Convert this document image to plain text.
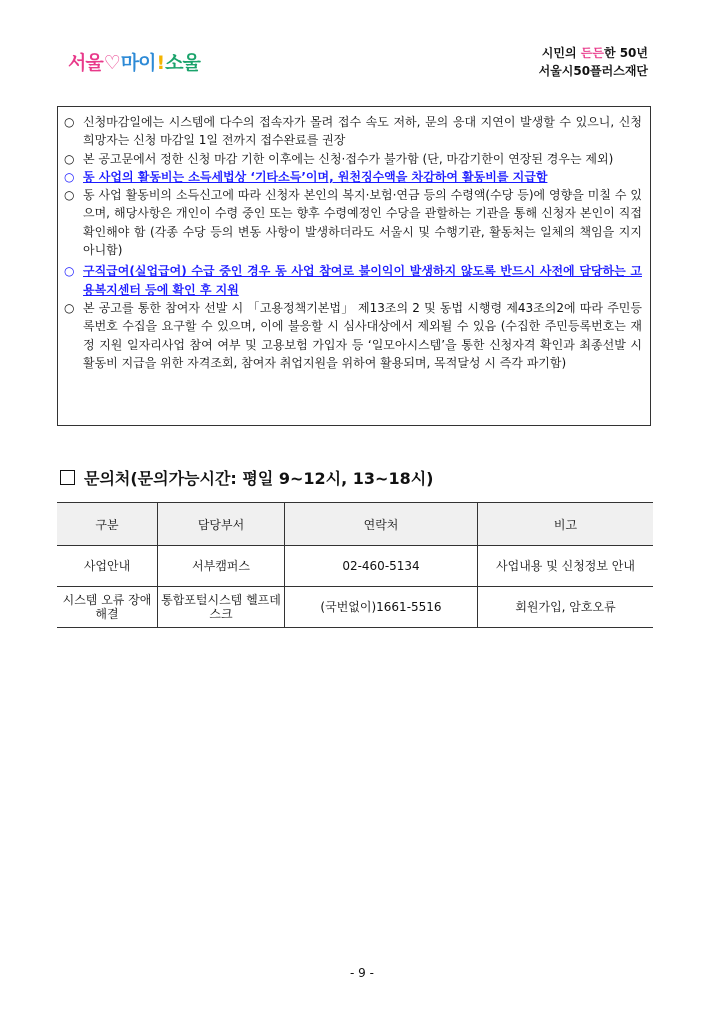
서울♡마이!소울	시민의 든든한 50년
서울시50플러스재단
○ 신청마감일에는 시스템에 다수의 접속자가 몰려 접수 속도 저하, 문의 응대 지연이 발생할 수 있으니, 신청희망자는 신청 마감일 1일 전까지 접수완료를 권장
○ 본 공고문에서 정한 신청 마감 기한 이후에는 신청·접수가 불가함 (단, 마감기한이 연장된 경우는 제외)
○ 동 사업의 활동비는 소득세법상 ‘기타소득’이며, 원천징수액을 차감하여 활동비를 지급함
○ 동 사업 활동비의 소득신고에 따라 신청자 본인의 복지·보험·연금 등의 수령액(수당 등)에 영향을 미칠 수 있으며, 해당사항은 개인이 수령 중인 또는 향후 수령예정인 수당을 관할하는 기관을 통해 신청자 본인이 직접 확인해야 함 (각종 수당 등의 변동 사항이 발생하더라도 서울시 및 수행기관, 활동처는 일체의 책임을 지지 아니함)
○ 구직급여(실업급여) 수급 중인 경우 동 사업 참여로 불이익이 발생하지 않도록 반드시 사전에 담당하는 고용복지센터 등에 확인 후 지원
○ 본 공고를 통한 참여자 선발 시 「고용정책기본법」 제13조의 2 및 동법 시행령 제43조의2에 따라 주민등록번호 수집을 요구할 수 있으며, 이에 불응할 시 심사대상에서 제외될 수 있음 (수집한 주민등록번호는 재정 지원 일자리사업 참여 여부 및 고용보험 가입자 등 ‘일모아시스템’을 통한 신청자격 확인과 최종선발 시 활동비 지급을 위한 자격조회, 참여자 취업지원을 위하여 활용되며, 목적달성 시 즉각 파기함)
문의처(문의가능시간: 평일 9~12시, 13~18시)
구분	담당부서	연락처	비고
사업안내	서부캠퍼스	02-460-5134	사업내용 및 신청정보 안내
시스템 오류 장애해결	통합포털시스템 헬프데스크	(국번없이)1661-5516	회원가입, 암호오류
- 9 -
